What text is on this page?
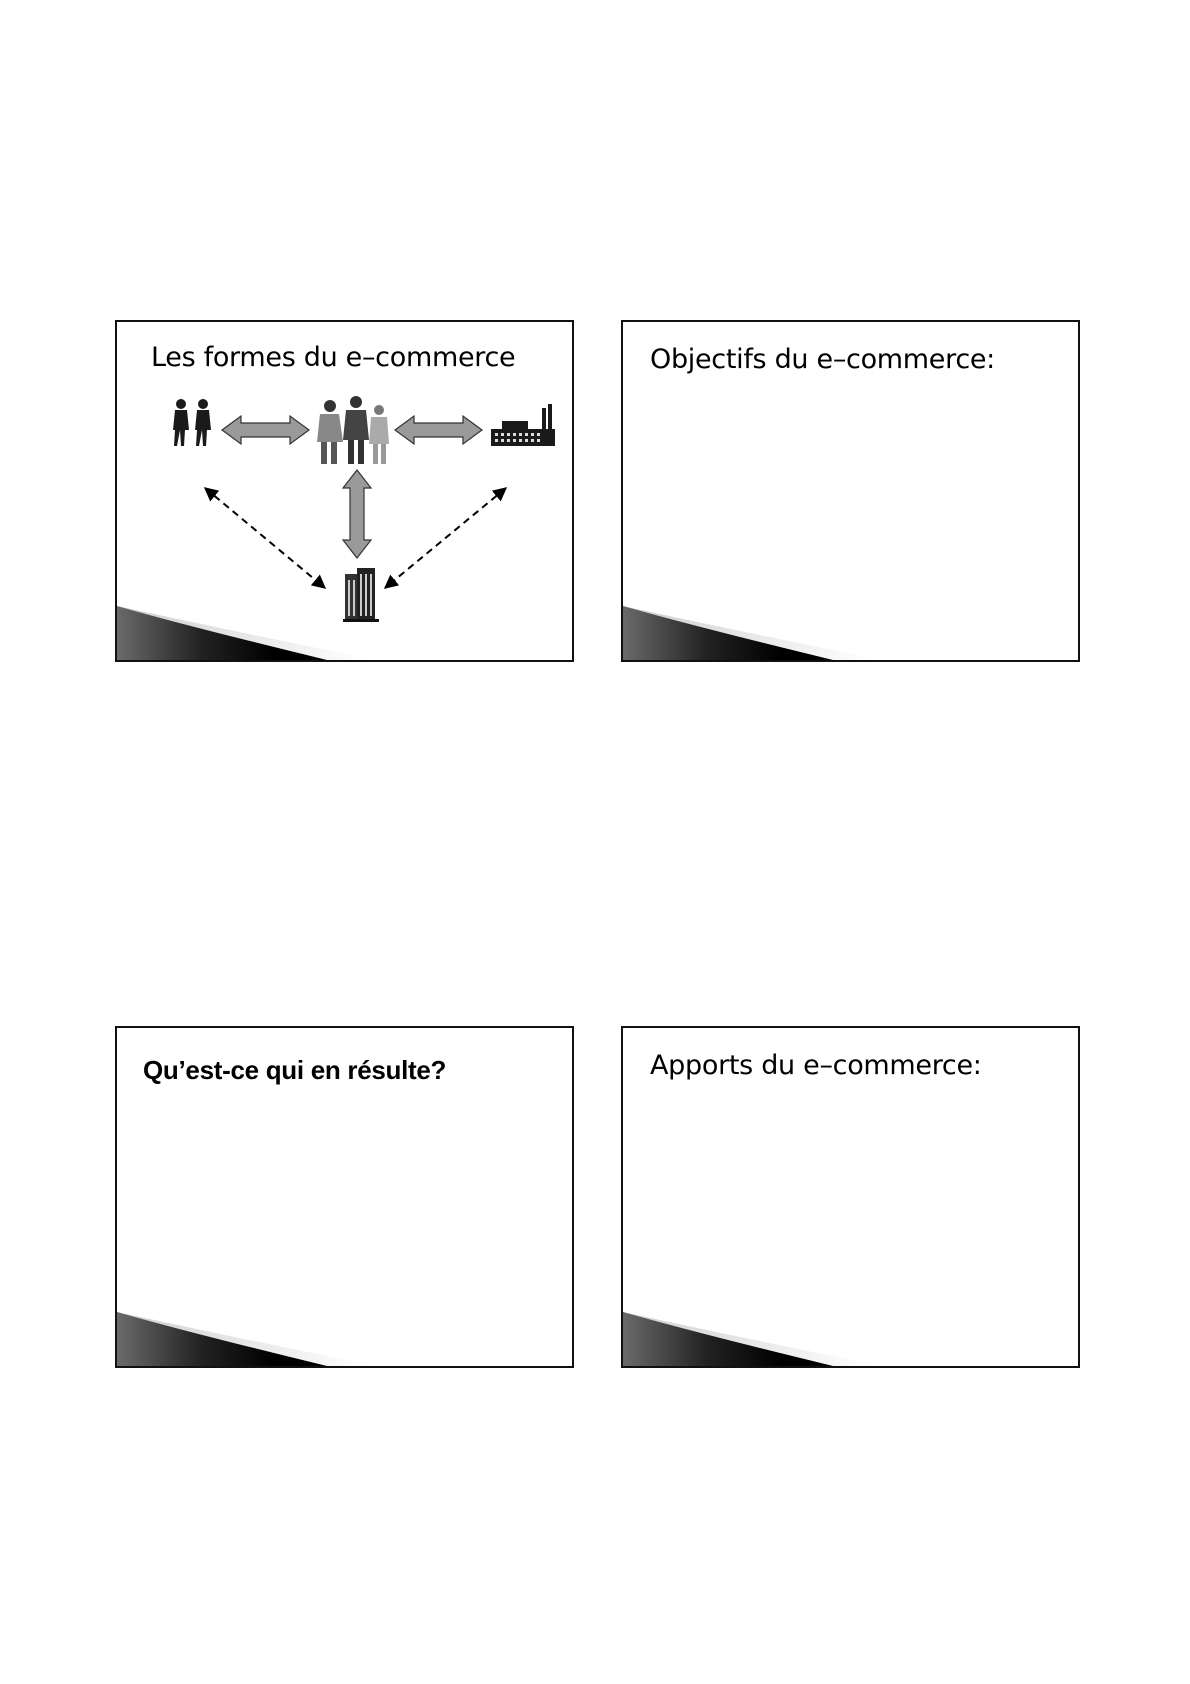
Les formes du e–commerce	Objectifs du e–commerce:
Qu’est-ce qui en résulte?	Apports du e–commerce:
